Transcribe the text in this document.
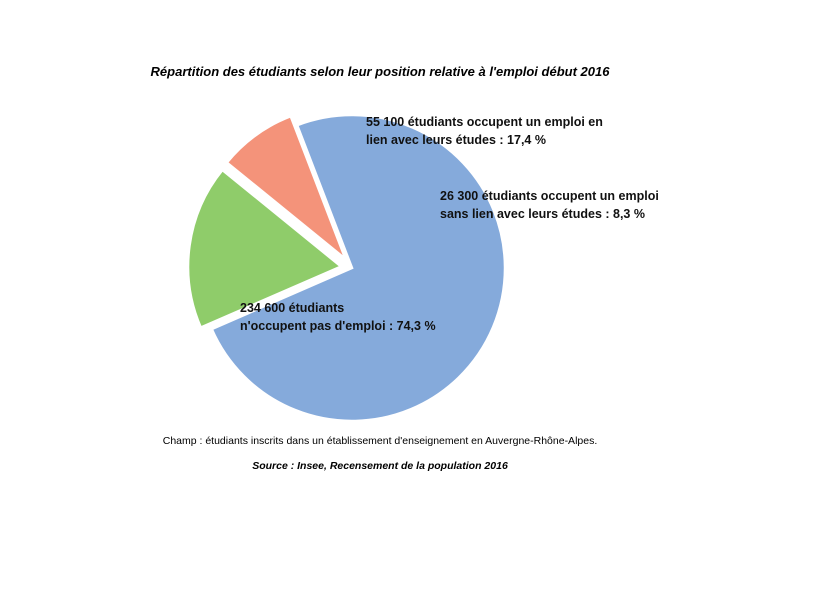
Répartition des étudiants selon leur position relative à l'emploi début 2016
234 600 étudiants n'occupent pas d'emploi : 74,3 %
55 100 étudiants occupent un emploi en lien avec leurs études : 17,4 %
26 300 étudiants occupent un emploi sans lien avec leurs études : 8,3 %
Champ : étudiants inscrits dans un établissement d'enseignement en Auvergne-Rhône-Alpes.
Source : Insee, Recensement de la population 2016
